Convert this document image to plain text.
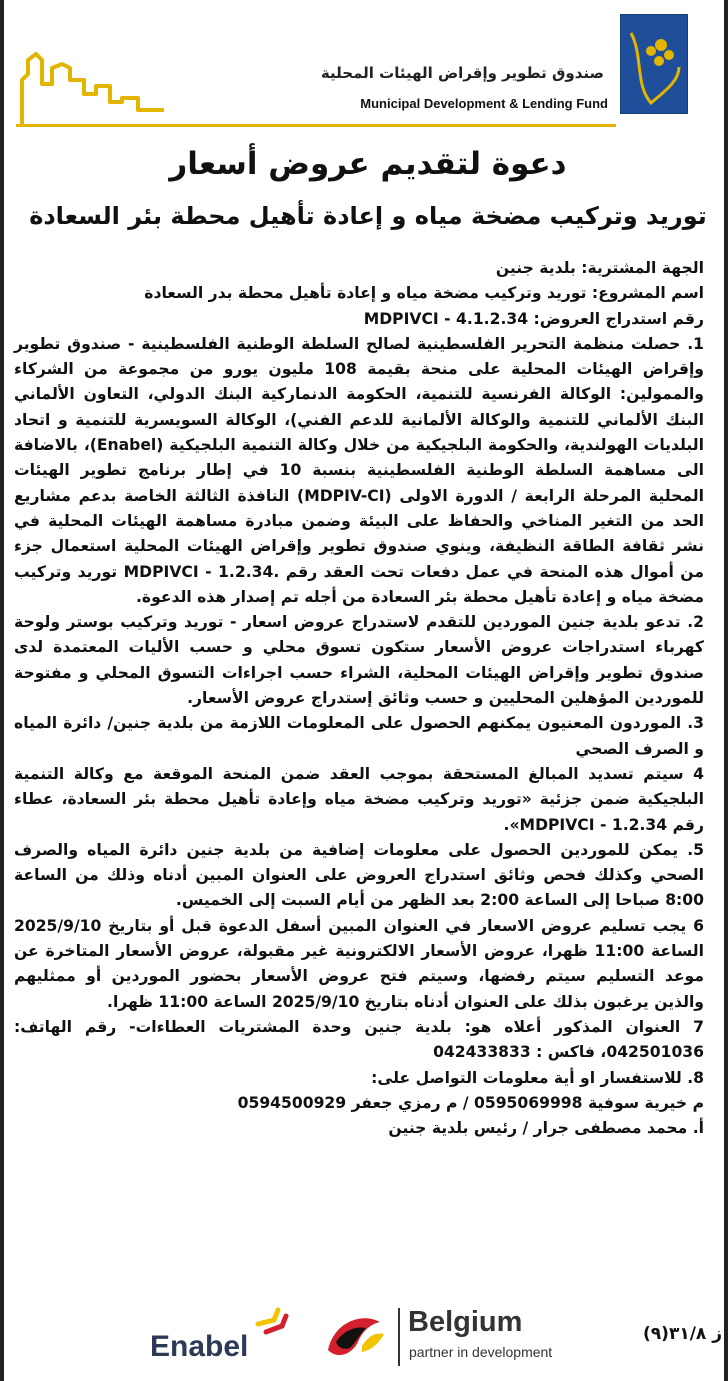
صندوق تطوير وإقراض الهيئات المحلية
Municipal Development & Lending Fund
دعوة لتقديم عروض أسعار
توريد وتركيب مضخة مياه و إعادة تأهيل محطة بئر السعادة

الجهة المشترية: بلدية جنين

اسم المشروع: توريد وتركيب مضخة مياه و إعادة تأهيل محطة بدر السعادة

رقم استدراج العروض: MDPIVCI - 4.1.2.34

1. حصلت منظمة التحرير الفلسطينية لصالح السلطة الوطنية الفلسطينية - صندوق تطوير وإقراض الهيئات المحلية على منحة بقيمة 108 مليون يورو من مجموعة من الشركاء والممولين: الوكالة الفرنسية للتنمية، الحكومة الدنماركية البنك الدولي، التعاون الألماني البنك الألماني للتنمية والوكالة الألمانية للدعم الفني)، الوكالة السويسرية للتنمية و اتحاد البلديات الهولندية، والحكومة البلجيكية من خلال وكالة التنمية البلجيكية (Enabel)، بالاضافة الى مساهمة السلطة الوطنية الفلسطينية بنسبة 10 في إطار برنامج تطوير الهيئات المحلية المرحلة الرابعة / الدورة الاولى (MDPIV-CI) النافذة الثالثة الخاصة بدعم مشاريع الحد من التغير المناخي والحفاظ على البيئة وضمن مبادرة مساهمة الهيئات المحلية في نشر ثقافة الطاقة النظيفة، وينوي صندوق تطوير وإقراض الهيئات المحلية استعمال جزء من أموال هذه المنحة في عمل دفعات تحت العقد رقم .MDPIVCI - 1.2.34 توريد وتركيب مضخة مياه و إعادة تأهيل محطة بئر السعادة من أجله تم إصدار هذه الدعوة.

2. تدعو بلدية جنين الموردين للتقدم لاستدراج عروض اسعار - توريد وتركيب بوستر ولوحة كهرباء استدراجات عروض الأسعار ستكون تسوق محلي و حسب الأليات المعتمدة لدى صندوق تطوير وإقراض الهيئات المحلية، الشراء حسب اجراءات التسوق المحلي و مفتوحة للموردين المؤهلين المحليين و حسب وثائق إستدراج عروض الأسعار.

3. الموردون المعنيون يمكنهم الحصول على المعلومات اللازمة من بلدية جنين/ دائرة المياه و الصرف الصحي

4 سيتم تسديد المبالغ المستحقة بموجب العقد ضمن المنحة الموقعة مع وكالة التنمية البلجيكية ضمن جزئية «توريد وتركيب مضخة مياه وإعادة تأهيل محطة بئر السعادة، عطاء رقم MDPIVCI - 1.2.34».

5. يمكن للموردين الحصول على معلومات إضافية من بلدية جنين دائرة المياه والصرف الصحي وكذلك فحص وثائق استدراج العروض على العنوان المبين أدناه وذلك من الساعة 8:00 صباحا إلى الساعة 2:00 بعد الظهر من أيام السبت إلى الخميس.

6 يجب تسليم عروض الاسعار في العنوان المبين أسفل الدعوة قبل أو بتاريخ 2025/9/10 الساعة 11:00 ظهرا، عروض الأسعار الالكترونية غير مقبولة، عروض الأسعار المتاخرة عن موعد التسليم سيتم رفضها، وسيتم فتح عروض الأسعار بحضور الموردين أو ممثليهم والذين يرغبون بذلك على العنوان أدناه بتاريخ 2025/9/10 الساعة 11:00 ظهرا.

7 العنوان المذكور أعلاه هو: بلدية جنين وحدة المشتريات العطاءات- رقم الهاتف: 042501036، فاكس : 042433833

8. للاستفسار او أية معلومات التواصل على:

م خيرية سوفية 0595069998 / م رمزي جعفر 0594500929

أ. محمد مصطفى جرار / رئيس بلدية جنين

Enabel
Belgium
partner in development
ز ٣١/٨(٩)
